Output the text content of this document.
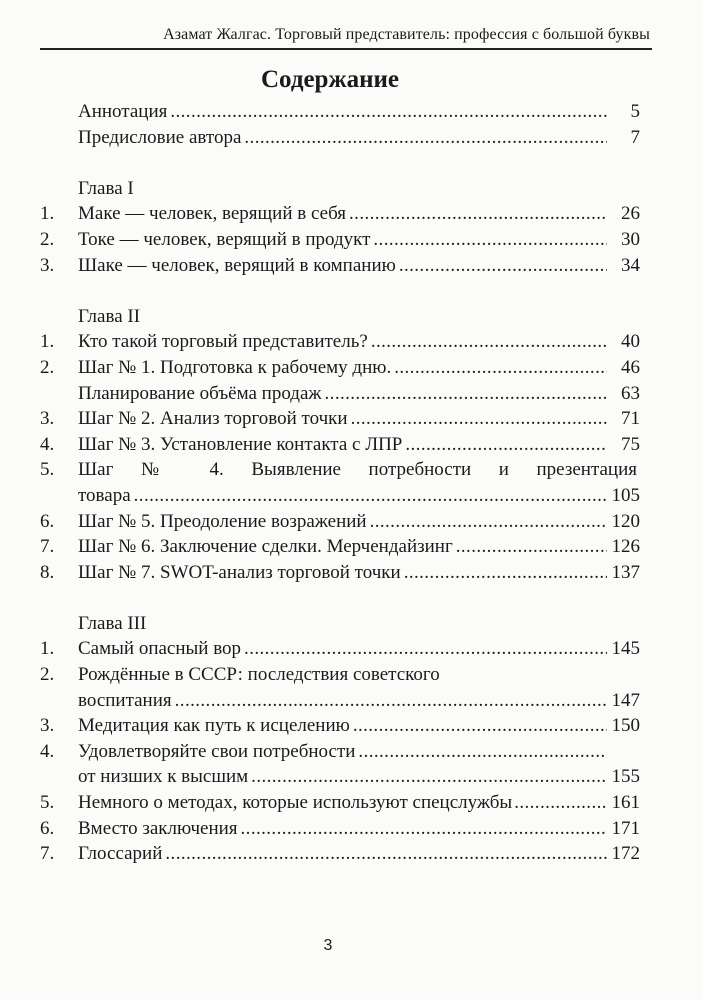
Азамат Жалгас. Торговый представитель: профессия с большой буквы
Содержание
Аннотация .....	5
Предисловие автора .....	7
Глава I
1. Маке — человек, верящий в себя .....	26
2. Токе — человек, верящий в продукт .....	30
3. Шаке — человек, верящий в компанию .....	34
Глава II
1. Кто такой торговый представитель? .....	40
2. Шаг № 1. Подготовка к рабочему дню. .....	46
Планирование объёма продаж .....	63
3. Шаг № 2. Анализ торговой точки .....	71
4. Шаг № 3. Установление контакта с ЛПР .....	75
5. Шаг № 4. Выявление потребности и презентация
товара .....	105
6. Шаг № 5. Преодоление возражений .....	120
7. Шаг № 6. Заключение сделки. Мерчендайзинг .....	126
8. Шаг № 7. SWOT-анализ торговой точки .....	137
Глава III
1. Самый опасный вор .....	145
2. Рождённые в СССР: последствия советского
воспитания .....	147
3. Медитация как путь к исцелению .....	150
4. Удовлетворяйте свои потребности
.....
от низших к высшим .....	155
5. Немного о методах, которые используют спецслужбы .....	161
6. Вместо заключения .....	171
7. Глоссарий .....	172
3
